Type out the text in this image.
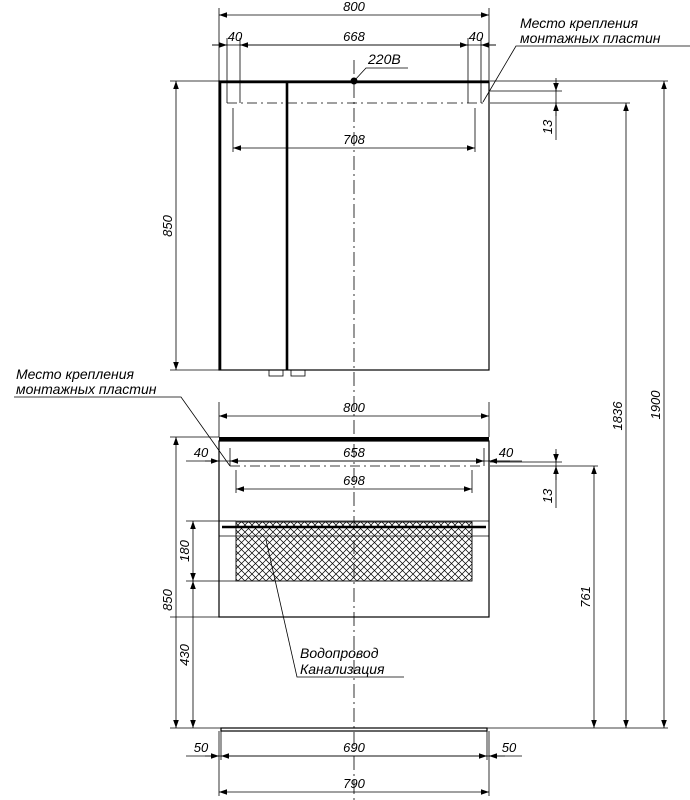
220В
800
40	668	40
708
850
13
Место крепления
монтажных пластин
800
40	658	40
698
850
180
430
13
761
Место крепления
монтажных пластин
Водопровод
Канализация
50	690	50
790
1836 1900
